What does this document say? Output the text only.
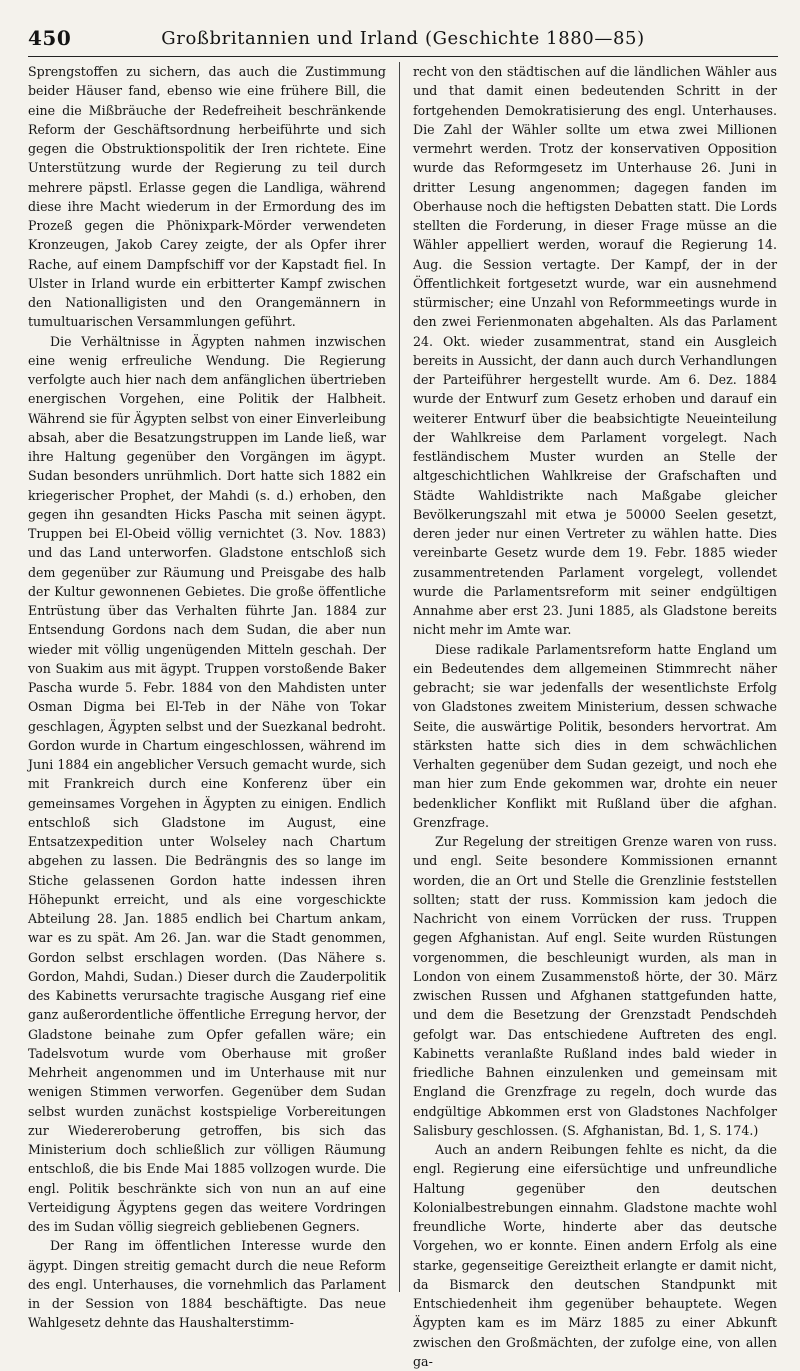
450	Großbritannien und Irland (Geschichte 1880—85)

Sprengstoffen zu sichern, das auch die Zustimmung beider Häuser fand, ebenso wie eine frühere Bill, die eine die Mißbräuche der Redefreiheit beschränkende Reform der Geschäftsordnung herbeiführte und sich gegen die Obstruktionspolitik der Iren richtete. Eine Unterstützung wurde der Regierung zu teil durch mehrere päpstl. Erlasse gegen die Landliga, während diese ihre Macht wiederum in der Ermordung des im Prozeß gegen die Phönixpark-Mörder verwendeten Kronzeugen, Jakob Carey zeigte, der als Opfer ihrer Rache, auf einem Dampfschiff vor der Kapstadt fiel. In Ulster in Irland wurde ein erbitterter Kampf zwischen den Nationalligisten und den Orangemännern in tumultuarischen Versammlungen geführt.

Die Verhältnisse in Ägypten nahmen inzwischen eine wenig erfreuliche Wendung. Die Regierung verfolgte auch hier nach dem anfänglichen übertrieben energischen Vorgehen, eine Politik der Halbheit. Während sie für Ägypten selbst von einer Einverleibung absah, aber die Besatzungstruppen im Lande ließ, war ihre Haltung gegenüber den Vorgängen im ägypt. Sudan besonders unrühmlich. Dort hatte sich 1882 ein kriegerischer Prophet, der Mahdi (s. d.) erhoben, den gegen ihn gesandten Hicks Pascha mit seinen ägypt. Truppen bei El-Obeid völlig vernichtet (3. Nov. 1883) und das Land unterworfen. Gladstone entschloß sich dem gegenüber zur Räumung und Preisgabe des halb der Kultur gewonnenen Gebietes. Die große öffentliche Entrüstung über das Verhalten führte Jan. 1884 zur Entsendung Gordons nach dem Sudan, die aber nun wieder mit völlig ungenügenden Mitteln geschah. Der von Suakim aus mit ägypt. Truppen vorstoßende Baker Pascha wurde 5. Febr. 1884 von den Mahdisten unter Osman Digma bei El-Teb in der Nähe von Tokar geschlagen, Ägypten selbst und der Suezkanal bedroht. Gordon wurde in Chartum eingeschlossen, während im Juni 1884 ein angeblicher Versuch gemacht wurde, sich mit Frankreich durch eine Konferenz über ein gemeinsames Vorgehen in Ägypten zu einigen. Endlich entschloß sich Gladstone im August, eine Entsatzexpedition unter Wolseley nach Chartum abgehen zu lassen. Die Bedrängnis des so lange im Stiche gelassenen Gordon hatte indessen ihren Höhepunkt erreicht, und als eine vorgeschickte Abteilung 28. Jan. 1885 endlich bei Chartum ankam, war es zu spät. Am 26. Jan. war die Stadt genommen, Gordon selbst erschlagen worden. (Das Nähere s. Gordon, Mahdi, Sudan.) Dieser durch die Zauderpolitik des Kabinetts verursachte tragische Ausgang rief eine ganz außerordentliche öffentliche Erregung hervor, der Gladstone beinahe zum Opfer gefallen wäre; ein Tadelsvotum wurde vom Oberhause mit großer Mehrheit angenommen und im Unterhause mit nur wenigen Stimmen verworfen. Gegenüber dem Sudan selbst wurden zunächst kostspielige Vorbereitungen zur Wiedereroberung getroffen, bis sich das Ministerium doch schließlich zur völligen Räumung entschloß, die bis Ende Mai 1885 vollzogen wurde. Die engl. Politik beschränkte sich von nun an auf eine Verteidigung Ägyptens gegen das weitere Vordringen des im Sudan völlig siegreich gebliebenen Gegners.

Der Rang im öffentlichen Interesse wurde den ägypt. Dingen streitig gemacht durch die neue Reform des engl. Unterhauses, die vornehmlich das Parlament in der Session von 1884 beschäftigte. Das neue Wahlgesetz dehnte das Haushalterstimm-

recht von den städtischen auf die ländlichen Wähler aus und that damit einen bedeutenden Schritt in der fortgehenden Demokratisierung des engl. Unterhauses. Die Zahl der Wähler sollte um etwa zwei Millionen vermehrt werden. Trotz der konservativen Opposition wurde das Reformgesetz im Unterhause 26. Juni in dritter Lesung angenommen; dagegen fanden im Oberhause noch die heftigsten Debatten statt. Die Lords stellten die Forderung, in dieser Frage müsse an die Wähler appelliert werden, worauf die Regierung 14. Aug. die Session vertagte. Der Kampf, der in der Öffentlichkeit fortgesetzt wurde, war ein ausnehmend stürmischer; eine Unzahl von Reformmeetings wurde in den zwei Ferienmonaten abgehalten. Als das Parlament 24. Okt. wieder zusammentrat, stand ein Ausgleich bereits in Aussicht, der dann auch durch Verhandlungen der Parteiführer hergestellt wurde. Am 6. Dez. 1884 wurde der Entwurf zum Gesetz erhoben und darauf ein weiterer Entwurf über die beabsichtigte Neueinteilung der Wahlkreise dem Parlament vorgelegt. Nach festländischem Muster wurden an Stelle der altgeschichtlichen Wahlkreise der Grafschaften und Städte Wahldistrikte nach Maßgabe gleicher Bevölkerungszahl mit etwa je 50000 Seelen gesetzt, deren jeder nur einen Vertreter zu wählen hatte. Dies vereinbarte Gesetz wurde dem 19. Febr. 1885 wieder zusammentretenden Parlament vorgelegt, vollendet wurde die Parlamentsreform mit seiner endgültigen Annahme aber erst 23. Juni 1885, als Gladstone bereits nicht mehr im Amte war.

Diese radikale Parlamentsreform hatte England um ein Bedeutendes dem allgemeinen Stimmrecht näher gebracht; sie war jedenfalls der wesentlichste Erfolg von Gladstones zweitem Ministerium, dessen schwache Seite, die auswärtige Politik, besonders hervortrat. Am stärksten hatte sich dies in dem schwächlichen Verhalten gegenüber dem Sudan gezeigt, und noch ehe man hier zum Ende gekommen war, drohte ein neuer bedenklicher Konflikt mit Rußland über die afghan. Grenzfrage.

Zur Regelung der streitigen Grenze waren von russ. und engl. Seite besondere Kommissionen ernannt worden, die an Ort und Stelle die Grenzlinie feststellen sollten; statt der russ. Kommission kam jedoch die Nachricht von einem Vorrücken der russ. Truppen gegen Afghanistan. Auf engl. Seite wurden Rüstungen vorgenommen, die beschleunigt wurden, als man in London von einem Zusammenstoß hörte, der 30. März zwischen Russen und Afghanen stattgefunden hatte, und dem die Besetzung der Grenzstadt Pendschdeh gefolgt war. Das entschiedene Auftreten des engl. Kabinetts veranlaßte Rußland indes bald wieder in friedliche Bahnen einzulenken und gemeinsam mit England die Grenzfrage zu regeln, doch wurde das endgültige Abkommen erst von Gladstones Nachfolger Salisbury geschlossen. (S. Afghanistan, Bd. 1, S. 174.)

Auch an andern Reibungen fehlte es nicht, da die engl. Regierung eine eifersüchtige und unfreundliche Haltung gegenüber den deutschen Kolonialbestrebungen einnahm. Gladstone machte wohl freundliche Worte, hinderte aber das deutsche Vorgehen, wo er konnte. Einen andern Erfolg als eine starke, gegenseitige Gereiztheit erlangte er damit nicht, da Bismarck den deutschen Standpunkt mit Entschiedenheit ihm gegenüber behauptete. Wegen Ägypten kam es im März 1885 zu einer Abkunft zwischen den Großmächten, der zufolge eine, von allen ga-
